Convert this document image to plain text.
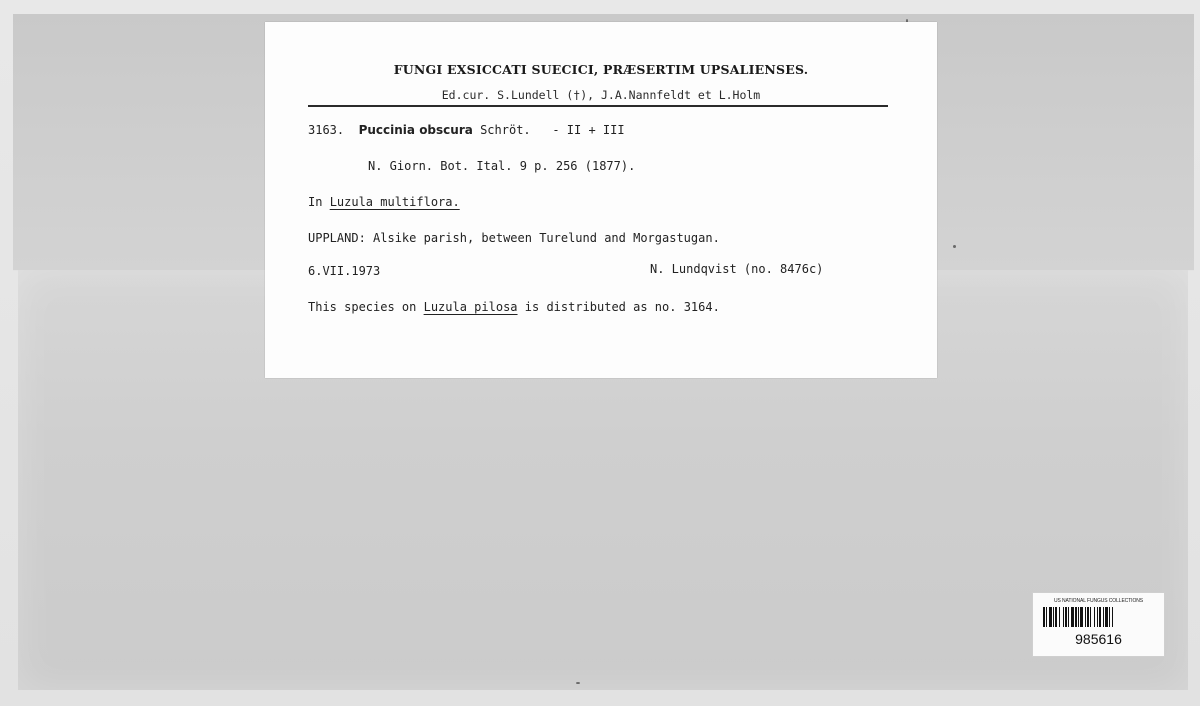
FUNGI EXSICCATI SUECICI, PRÆSERTIM UPSALIENSES.
Ed.cur. S.Lundell (†), J.A.Nannfeldt et L.Holm
3163. Puccinia obscura Schröt. - II + III
N. Giorn. Bot. Ital. 9 p. 256 (1877).
In Luzula multiflora.
UPPLAND: Alsike parish, between Turelund and Morgastugan.
6.VII.1973	N. Lundqvist (no. 8476c)
This species on Luzula pilosa is distributed as no. 3164.
US NATIONAL FUNGUS COLLECTIONS
985616
